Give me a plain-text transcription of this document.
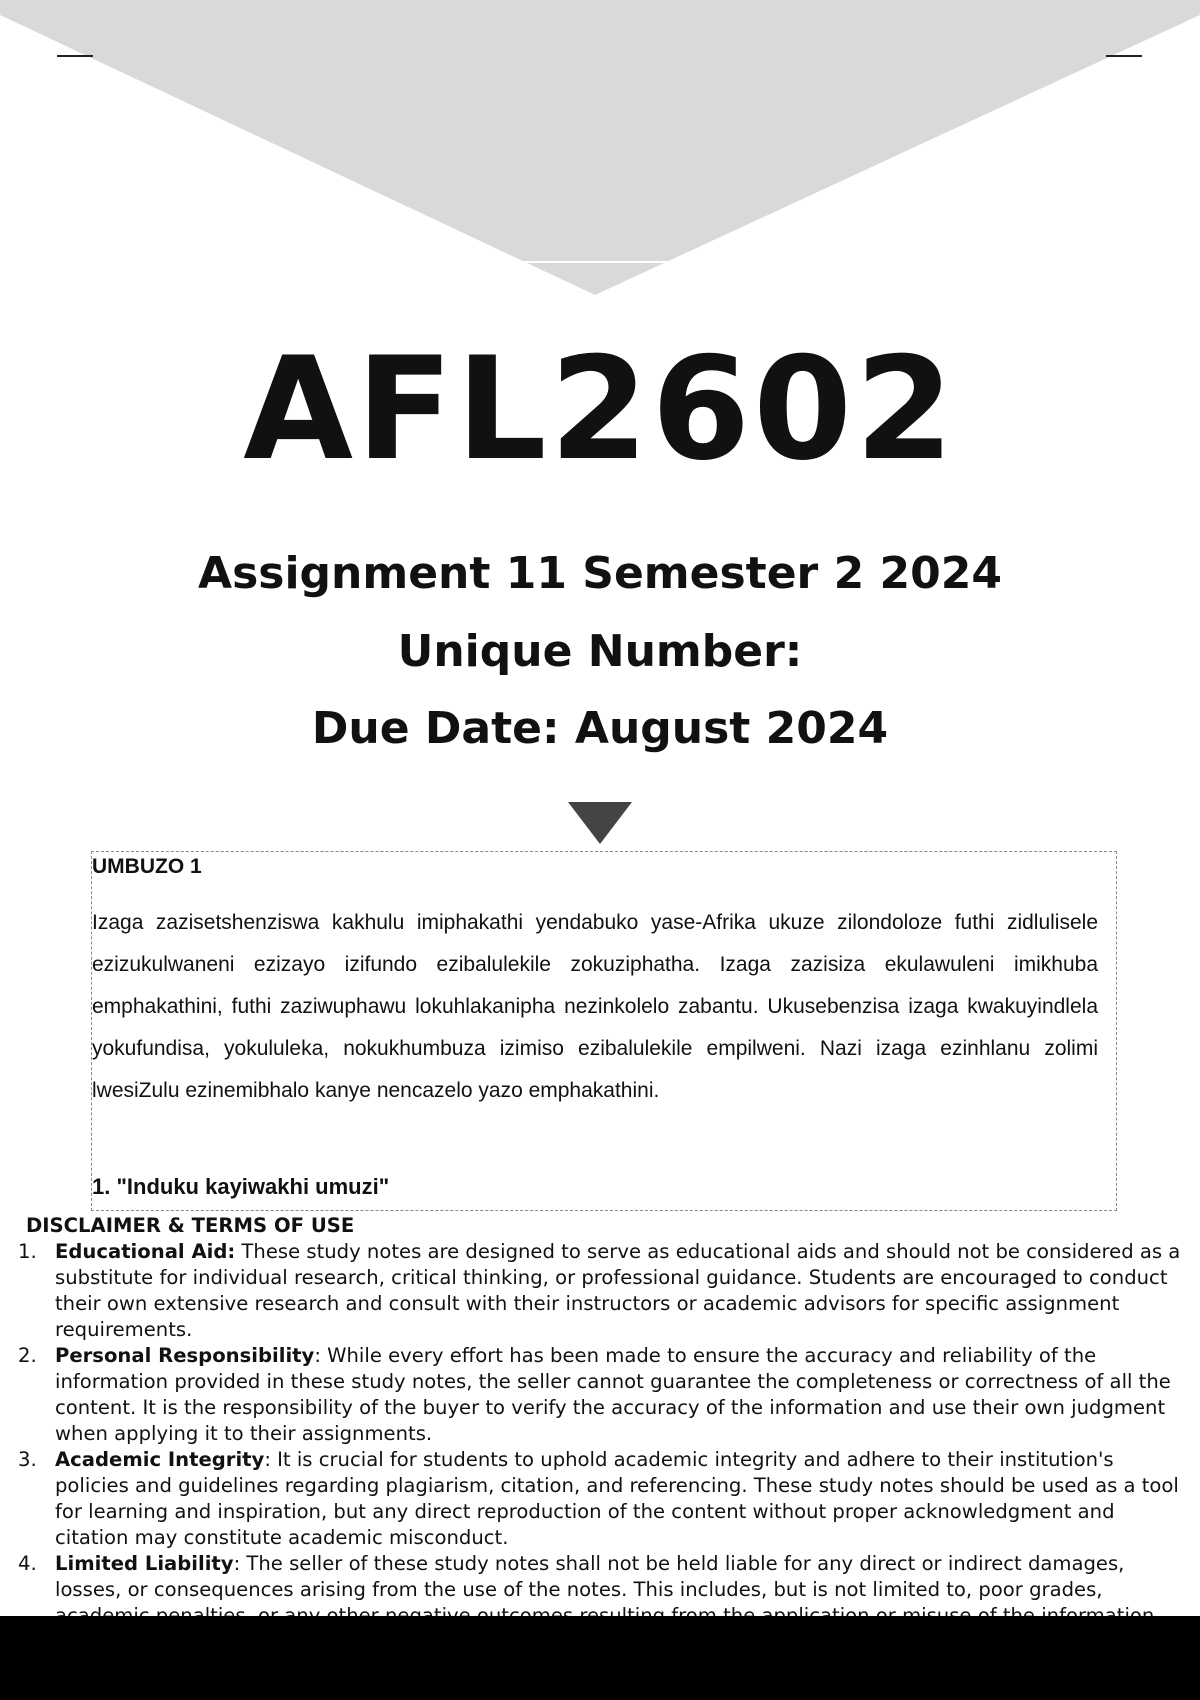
AFL2602
Assignment 11 Semester 2 2024
Unique Number:
Due Date: August 2024
UMBUZO 1

Izaga zazisetshenziswa kakhulu imiphakathi yendabuko yase-Afrika ukuze zilondoloze futhi zidlulisele ezizukulwaneni ezizayo izifundo ezibalulekile zokuziphatha. Izaga zazisiza ekulawuleni imikhuba emphakathini, futhi zaziwuphawu lokuhlakanipha nezinkolelo zabantu. Ukusebenzisa izaga kwakuyindlela yokufundisa, yokululeka, nokukhumbuza izimiso ezibalulekile empilweni. Nazi izaga ezinhlanu zolimi lwesiZulu ezinemibhalo kanye nencazelo yazo emphakathini.

1. "Induku kayiwakhi umuzi"
DISCLAIMER & TERMS OF USE
1. Educational Aid: These study notes are designed to serve as educational aids and should not be considered as a substitute for individual research, critical thinking, or professional guidance. Students are encouraged to conduct their own extensive research and consult with their instructors or academic advisors for specific assignment requirements.
2. Personal Responsibility: While every effort has been made to ensure the accuracy and reliability of the information provided in these study notes, the seller cannot guarantee the completeness or correctness of all the content. It is the responsibility of the buyer to verify the accuracy of the information and use their own judgment when applying it to their assignments.
3. Academic Integrity: It is crucial for students to uphold academic integrity and adhere to their institution's policies and guidelines regarding plagiarism, citation, and referencing. These study notes should be used as a tool for learning and inspiration, but any direct reproduction of the content without proper acknowledgment and citation may constitute academic misconduct.
4. Limited Liability: The seller of these study notes shall not be held liable for any direct or indirect damages, losses, or consequences arising from the use of the notes. This includes, but is not limited to, poor grades,
